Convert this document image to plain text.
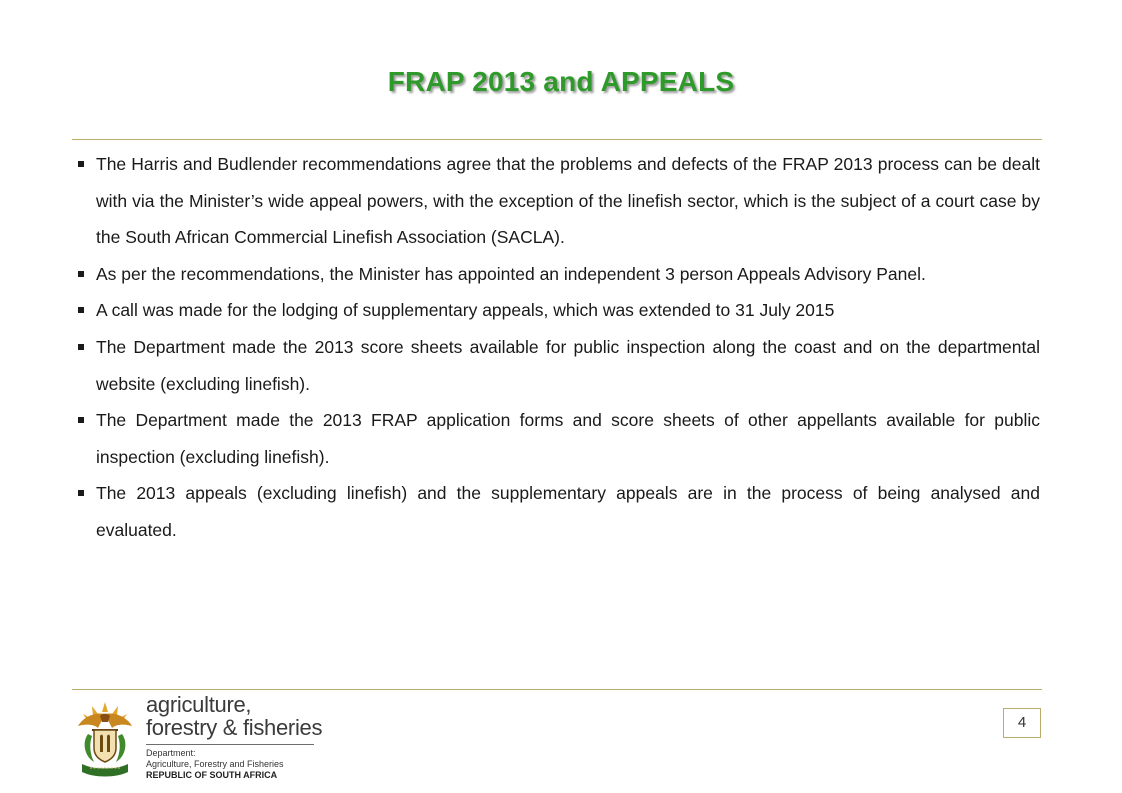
FRAP 2013 and APPEALS
The Harris and Budlender recommendations agree that the problems and defects of the FRAP 2013 process can be dealt with via the Minister’s wide appeal powers, with the exception of the linefish sector, which is the subject of a court case by the South African Commercial Linefish Association (SACLA).
As per the recommendations, the Minister has appointed an independent 3 person Appeals Advisory Panel.
A call was made for the lodging of supplementary appeals, which was extended to 31 July 2015
The Department made the 2013 score sheets available for public inspection along the coast and on the departmental website (excluding linefish).
The Department made the 2013 FRAP application forms and score sheets of other appellants available for public inspection (excluding linefish).
The 2013 appeals (excluding linefish) and the supplementary appeals are in the process of being analysed and evaluated.
agriculture,
forestry & fisheries
Department:
Agriculture, Forestry and Fisheries
REPUBLIC OF SOUTH AFRICA
4
